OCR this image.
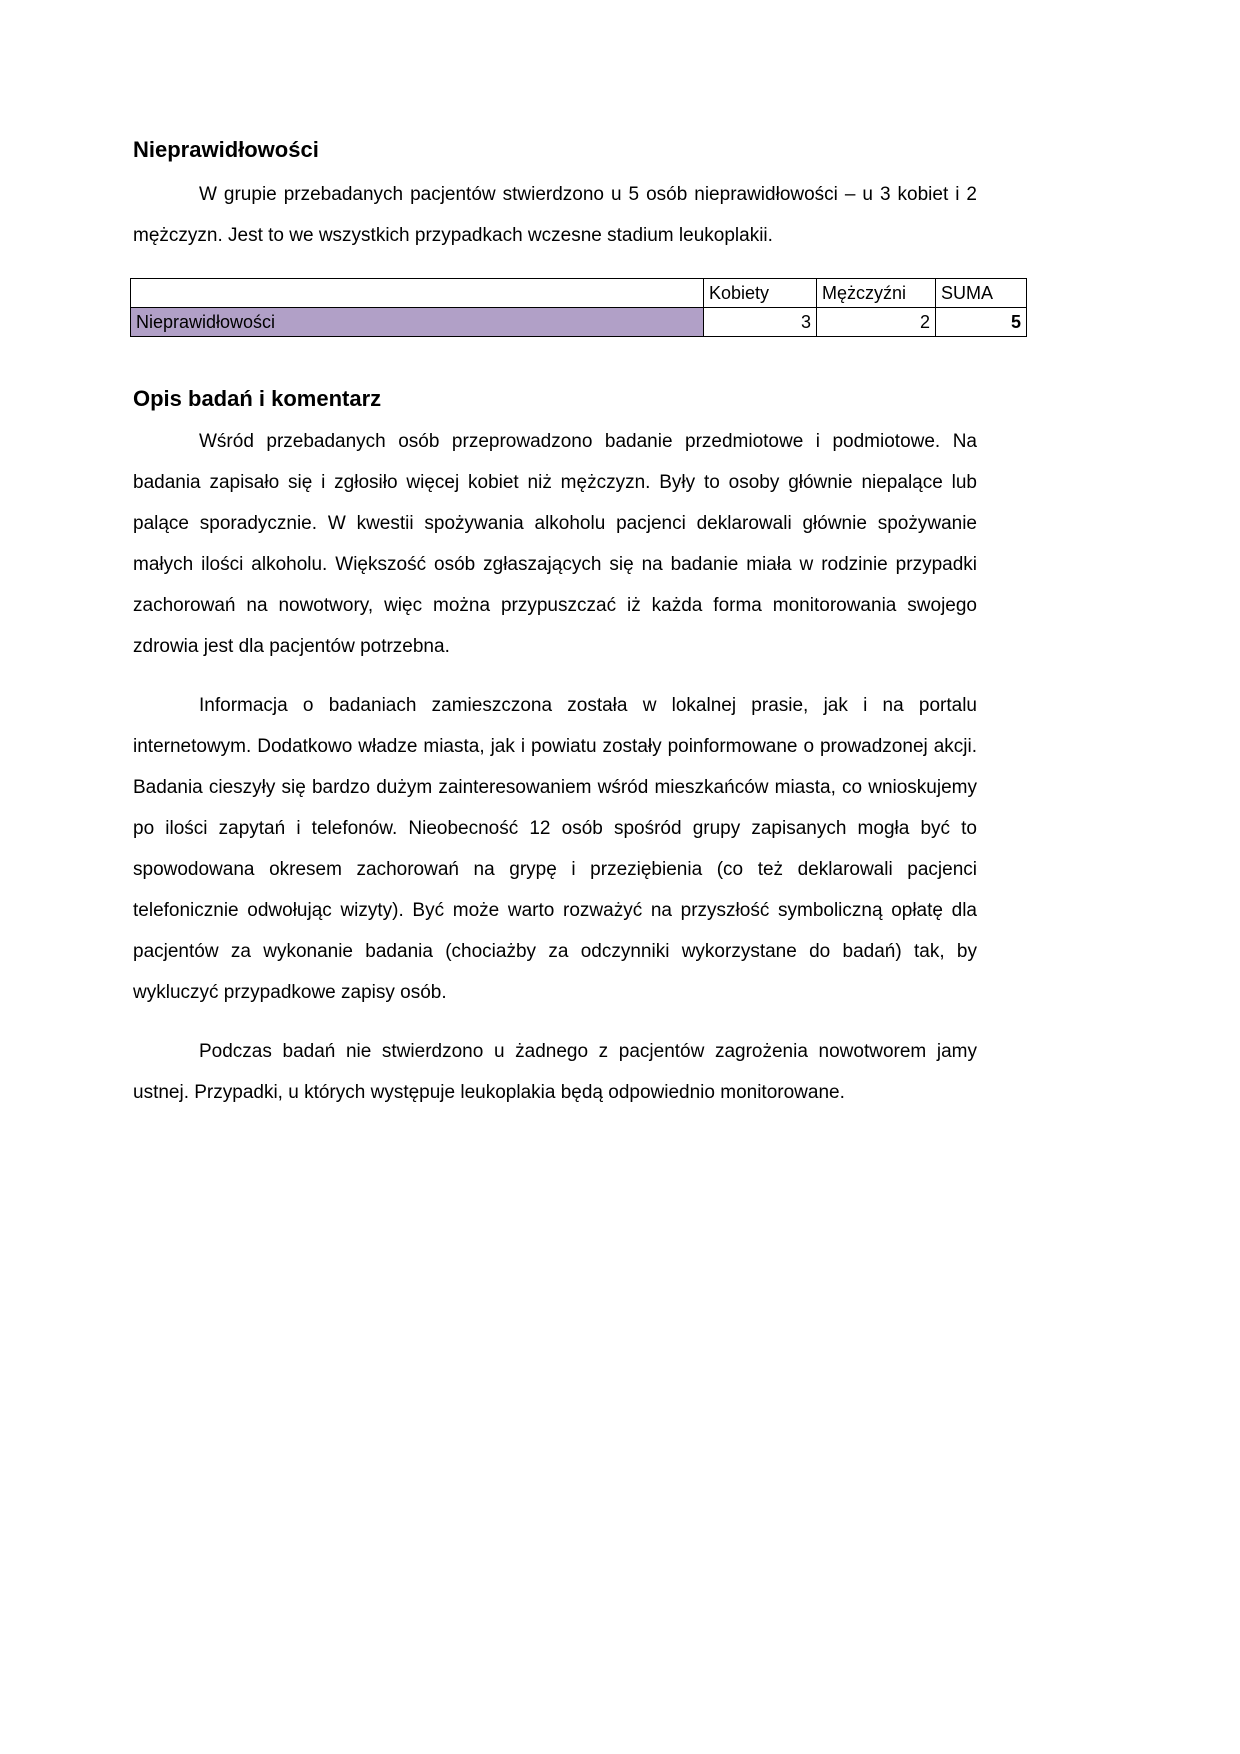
Nieprawidłowości

W grupie przebadanych pacjentów stwierdzono u 5 osób nieprawidłowości – u 3 kobiet i 2 mężczyzn. Jest to we wszystkich przypadkach wczesne stadium leukoplakii.

	Kobiety	Mężczyźni	SUMA
Nieprawidłowości	3	2	5
Opis badań i komentarz

Wśród przebadanych osób przeprowadzono badanie przedmiotowe i podmiotowe. Na badania zapisało się i zgłosiło więcej kobiet niż mężczyzn. Były to osoby głównie niepalące lub palące sporadycznie. W kwestii spożywania alkoholu pacjenci deklarowali głównie spożywanie małych ilości alkoholu. Większość osób zgłaszających się na badanie miała w rodzinie przypadki zachorowań na nowotwory, więc można przypuszczać iż każda forma monitorowania swojego zdrowia jest dla pacjentów potrzebna.

Informacja o badaniach zamieszczona została w lokalnej prasie, jak i na portalu internetowym. Dodatkowo władze miasta, jak i powiatu zostały poinformowane o prowadzonej akcji. Badania cieszyły się bardzo dużym zainteresowaniem wśród mieszkańców miasta, co wnioskujemy po ilości zapytań i telefonów. Nieobecność 12 osób spośród grupy zapisanych mogła być to spowodowana okresem zachorowań na grypę i przeziębienia (co też deklarowali pacjenci telefonicznie odwołując wizyty). Być może warto rozważyć na przyszłość symboliczną opłatę dla pacjentów za wykonanie badania (chociażby za odczynniki wykorzystane do badań) tak, by wykluczyć przypadkowe zapisy osób.

Podczas badań nie stwierdzono u żadnego z pacjentów zagrożenia nowotworem jamy ustnej. Przypadki, u których występuje leukoplakia będą odpowiednio monitorowane.
